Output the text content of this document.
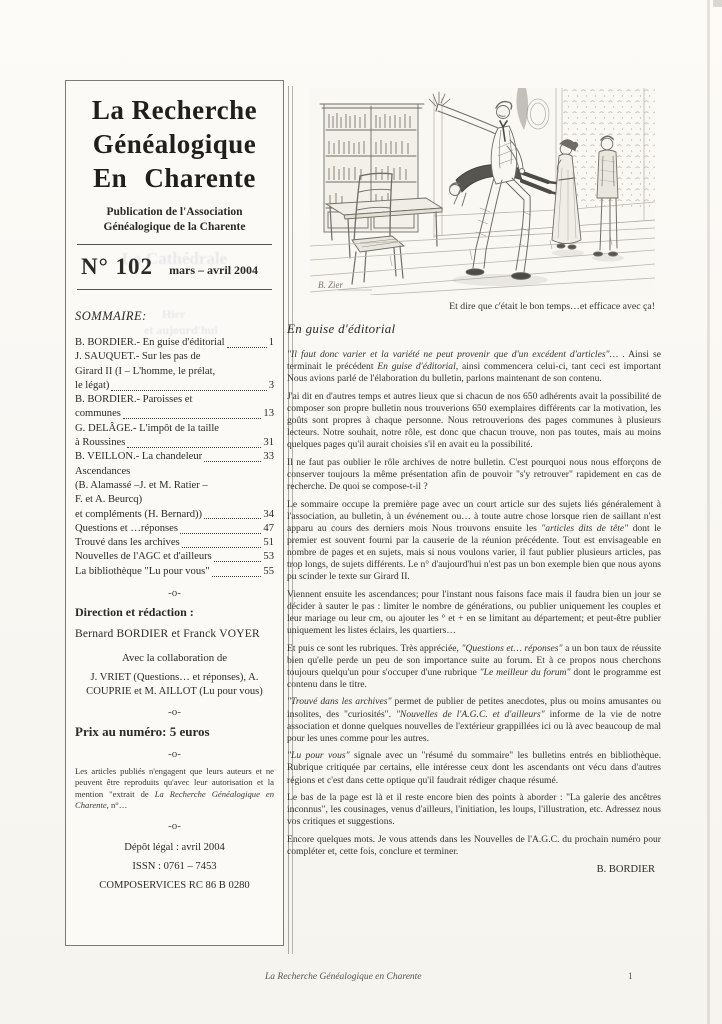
La Cathédrale
Hier
et aujourd'hui
La Recherche
Généalogique
En Charente
Publication de l'Association
Généalogique de la Charente
N° 102 mars – avril 2004
SOMMAIRE:
B. BORDIER.- En guise d'éditorial	1
J. SAUQUET.- Sur les pas de
Girard II (I – L'homme, le prélat,
le légat)	3
B. BORDIER.- Paroisses et
communes	13
G. DELÂGE.- L'impôt de la taille
à Roussines	31
B. VEILLON.- La chandeleur	33
Ascendances
(B. Alamassé –J. et M. Ratier –
F. et A. Beurcq)
et compléments (H. Bernard))	34
Questions et …réponses	47
Trouvé dans les archives	51
Nouvelles de l'AGC et d'ailleurs	53
La bibliothèque "Lu pour vous"	55
-o-
Direction et rédaction :
Bernard BORDIER et Franck VOYER
Avec la collaboration de
J. VRIET (Questions… et réponses), A. COUPRIE et M. AILLOT (Lu pour vous)
-o-
Prix au numéro: 5 euros
-o-
Les articles publiés n'engagent que leurs auteurs et ne peuvent être reproduits qu'avec leur autorisation et la mention "extrait de La Recherche Généalogique en Charente, n°…
-o-
Dépôt légal : avril 2004
ISSN : 0761 – 7453
COMPOSERVICES RC 86 B 0280
B. Zier
Et dire que c'était le bon temps…et efficace avec ça!
En guise d'éditorial

"Il faut donc varier et la variété ne peut provenir que d'un excédent d'articles"… . Ainsi se terminait le précédent En guise d'éditorial, ainsi commencera celui-ci, tant ceci est important Nous avions parlé de l'élaboration du bulletin, parlons maintenant de son contenu.

J'ai dit en d'autres temps et autres lieux que si chacun de nos 650 adhérents avait la possibilité de composer son propre bulletin nous trouverions 650 exemplaires différents car la motivation, les goûts sont propres à chaque personne. Nous retrouverions des pages communes à plusieurs lecteurs. Notre souhait, notre rôle, est donc que chacun trouve, non pas toutes, mais au moins quelques pages qu'il aurait choisies s'il en avait eu la possibilité.

Il ne faut pas oublier le rôle archives de notre bulletin. C'est pourquoi nous nous efforçons de conserver toujours la même présentation afin de pouvoir "s'y retrouver" rapidement en cas de recherche. De quoi se compose-t-il ?

Le sommaire occupe la première page avec un court article sur des sujets liés généralement à l'association, au bulletin, à un événement ou… à toute autre chose lorsque rien de saillant n'est apparu au cours des derniers mois Nous trouvons ensuite les "articles dits de tête" dont le premier est souvent fourni par la causerie de la réunion précédente. Tout est envisageable en nombre de pages et en sujets, mais si nous voulons varier, il faut publier plusieurs articles, pas trop longs, de sujets différents. Le n° d'aujourd'hui n'est pas un bon exemple bien que nous ayons pu scinder le texte sur Girard II.

Viennent ensuite les ascendances; pour l'instant nous faisons face mais il faudra bien un jour se décider à sauter le pas : limiter le nombre de générations, ou publier uniquement les couples et leur mariage ou leur cm, ou ajouter les ° et + en se limitant au département; et peut-être publier uniquement les listes éclairs, les quartiers…

Et puis ce sont les rubriques. Très appréciée, "Questions et… réponses" a un bon taux de réussite bien qu'elle perde un peu de son importance suite au forum. Et à ce propos nous cherchons toujours quelqu'un pour s'occuper d'une rubrique "Le meilleur du forum" dont le programme est contenu dans le titre.

"Trouvé dans les archives" permet de publier de petites anecdotes, plus ou moins amusantes ou insolites, des "curiosités". "Nouvelles de l'A.G.C. et d'ailleurs" informe de la vie de notre association et donne quelques nouvelles de l'extérieur grappillées ici ou là avec beaucoup de mal pour les unes comme pour les autres.

"Lu pour vous" signale avec un "résumé du sommaire" les bulletins entrés en bibliothèque. Rubrique critiquée par certains, elle intéresse ceux dont les ascendants ont vécu dans d'autres régions et c'est dans cette optique qu'il faudrait rédiger chaque résumé.

Le bas de la page est là et il reste encore bien des points à aborder : "La galerie des ancêtres inconnus", les cousinages, venus d'ailleurs, l'initiation, les loups, l'illustration, etc. Adressez nous vos critiques et suggestions.

Encore quelques mots. Je vous attends dans les Nouvelles de l'A.G.C. du prochain numéro pour compléter et, cette fois, conclure et terminer.

B. BORDIER
La Recherche Généalogique en Charente	1
